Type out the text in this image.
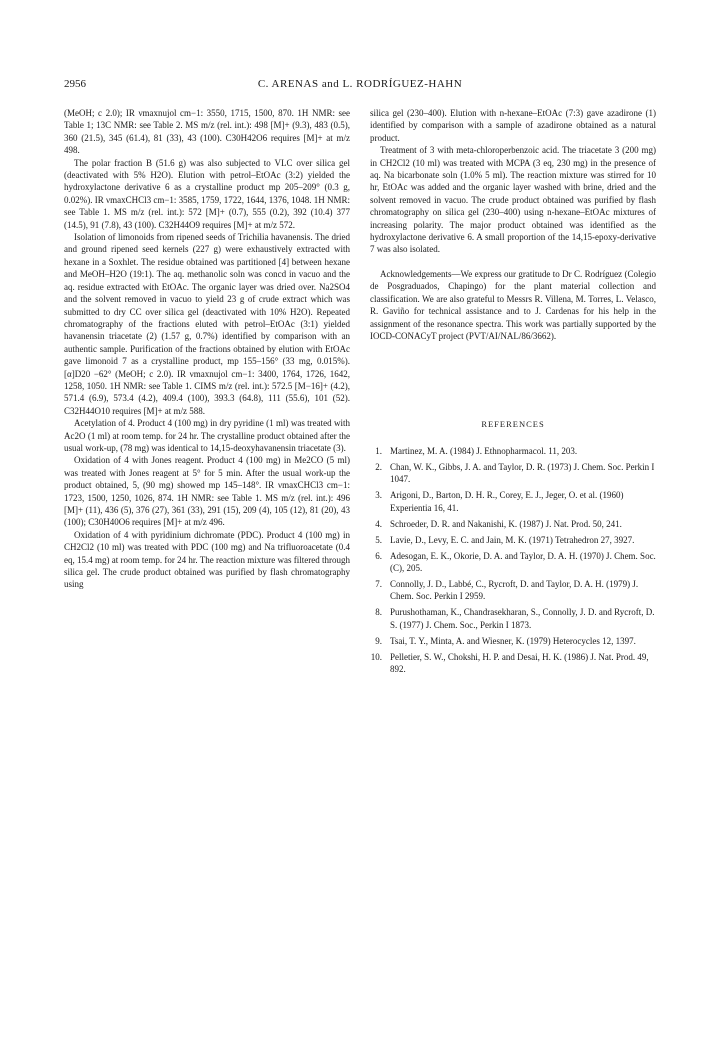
2956	C. ARENAS and L. RODRÍGUEZ-HAHN

(MeOH; c 2.0); IR νmaxnujol cm−1: 3550, 1715, 1500, 870. 1H NMR: see Table 1; 13C NMR: see Table 2. MS m/z (rel. int.): 498 [M]+ (9.3), 483 (0.5), 360 (21.5), 345 (61.4), 81 (33), 43 (100). C30H42O6 requires [M]+ at m/z 498.

The polar fraction B (51.6 g) was also subjected to VLC over silica gel (deactivated with 5% H2O). Elution with petrol–EtOAc (3:2) yielded the hydroxylactone derivative 6 as a crystalline product mp 205–209° (0.3 g, 0.02%). IR νmaxCHCl3 cm−1: 3585, 1759, 1722, 1644, 1376, 1048. 1H NMR: see Table 1. MS m/z (rel. int.): 572 [M]+ (0.7), 555 (0.2), 392 (10.4) 377 (14.5), 91 (7.8), 43 (100). C32H44O9 requires [M]+ at m/z 572.

Isolation of limonoids from ripened seeds of Trichilia havanensis. The dried and ground ripened seed kernels (227 g) were exhaustively extracted with hexane in a Soxhlet. The residue obtained was partitioned [4] between hexane and MeOH–H2O (19:1). The aq. methanolic soln was concd in vacuo and the aq. residue extracted with EtOAc. The organic layer was dried over. Na2SO4 and the solvent removed in vacuo to yield 23 g of crude extract which was submitted to dry CC over silica gel (deactivated with 10% H2O). Repeated chromatography of the fractions eluted with petrol–EtOAc (3:1) yielded havanensin triacetate (2) (1.57 g, 0.7%) identified by comparison with an authentic sample. Purification of the fractions obtained by elution with EtOAc gave limonoid 7 as a crystalline product, mp 155–156° (33 mg, 0.015%). [α]D20 −62° (MeOH; c 2.0). IR νmaxnujol cm−1: 3400, 1764, 1726, 1642, 1258, 1050. 1H NMR: see Table 1. CIMS m/z (rel. int.): 572.5 [M−16]+ (4.2), 571.4 (6.9), 573.4 (4.2), 409.4 (100), 393.3 (64.8), 111 (55.6), 101 (52). C32H44O10 requires [M]+ at m/z 588.

Acetylation of 4. Product 4 (100 mg) in dry pyridine (1 ml) was treated with Ac2O (1 ml) at room temp. for 24 hr. The crystalline product obtained after the usual work-up, (78 mg) was identical to 14,15-deoxyhavanensin triacetate (3).

Oxidation of 4 with Jones reagent. Product 4 (100 mg) in Me2CO (5 ml) was treated with Jones reagent at 5° for 5 min. After the usual work-up the product obtained, 5, (90 mg) showed mp 145–148°. IR νmaxCHCl3 cm−1: 1723, 1500, 1250, 1026, 874. 1H NMR: see Table 1. MS m/z (rel. int.): 496 [M]+ (11), 436 (5), 376 (27), 361 (33), 291 (15), 209 (4), 105 (12), 81 (20), 43 (100); C30H40O6 requires [M]+ at m/z 496.

Oxidation of 4 with pyridinium dichromate (PDC). Product 4 (100 mg) in CH2Cl2 (10 ml) was treated with PDC (100 mg) and Na trifluoroacetate (0.4 eq, 15.4 mg) at room temp. for 24 hr. The reaction mixture was filtered through silica gel. The crude product obtained was purified by flash chromatography using

silica gel (230–400). Elution with n-hexane–EtOAc (7:3) gave azadirone (1) identified by comparison with a sample of azadirone obtained as a natural product.

Treatment of 3 with meta-chloroperbenzoic acid. The triacetate 3 (200 mg) in CH2Cl2 (10 ml) was treated with MCPA (3 eq, 230 mg) in the presence of aq. Na bicarbonate soln (1.0% 5 ml). The reaction mixture was stirred for 10 hr, EtOAc was added and the organic layer washed with brine, dried and the solvent removed in vacuo. The crude product obtained was purified by flash chromatography on silica gel (230–400) using n-hexane–EtOAc mixtures of increasing polarity. The major product obtained was identified as the hydroxylactone derivative 6. A small proportion of the 14,15-epoxy-derivative 7 was also isolated.

Acknowledgements—We express our gratitude to Dr C. Rodríguez (Colegio de Posgraduados, Chapingo) for the plant material collection and classification. We are also grateful to Messrs R. Villena, M. Torres, L. Velasco, R. Gaviño for technical assistance and to J. Cardenas for his help in the assignment of the resonance spectra. This work was partially supported by the IOCD-CONACyT project (PVT/AI/NAL/86/3662).

REFERENCES
1. Martinez, M. A. (1984) J. Ethnopharmacol. 11, 203.
2. Chan, W. K., Gibbs, J. A. and Taylor, D. R. (1973) J. Chem. Soc. Perkin I 1047.
3. Arigoni, D., Barton, D. H. R., Corey, E. J., Jeger, O. et al. (1960) Experientia 16, 41.
4. Schroeder, D. R. and Nakanishi, K. (1987) J. Nat. Prod. 50, 241.
5. Lavie, D., Levy, E. C. and Jain, M. K. (1971) Tetrahedron 27, 3927.
6. Adesogan, E. K., Okorie, D. A. and Taylor, D. A. H. (1970) J. Chem. Soc. (C), 205.
7. Connolly, J. D., Labbé, C., Rycroft, D. and Taylor, D. A. H. (1979) J. Chem. Soc. Perkin I 2959.
8. Purushothaman, K., Chandrasekharan, S., Connolly, J. D. and Rycroft, D. S. (1977) J. Chem. Soc., Perkin I 1873.
9. Tsai, T. Y., Minta, A. and Wiesner, K. (1979) Heterocycles 12, 1397.
10. Pelletier, S. W., Chokshi, H. P. and Desai, H. K. (1986) J. Nat. Prod. 49, 892.
